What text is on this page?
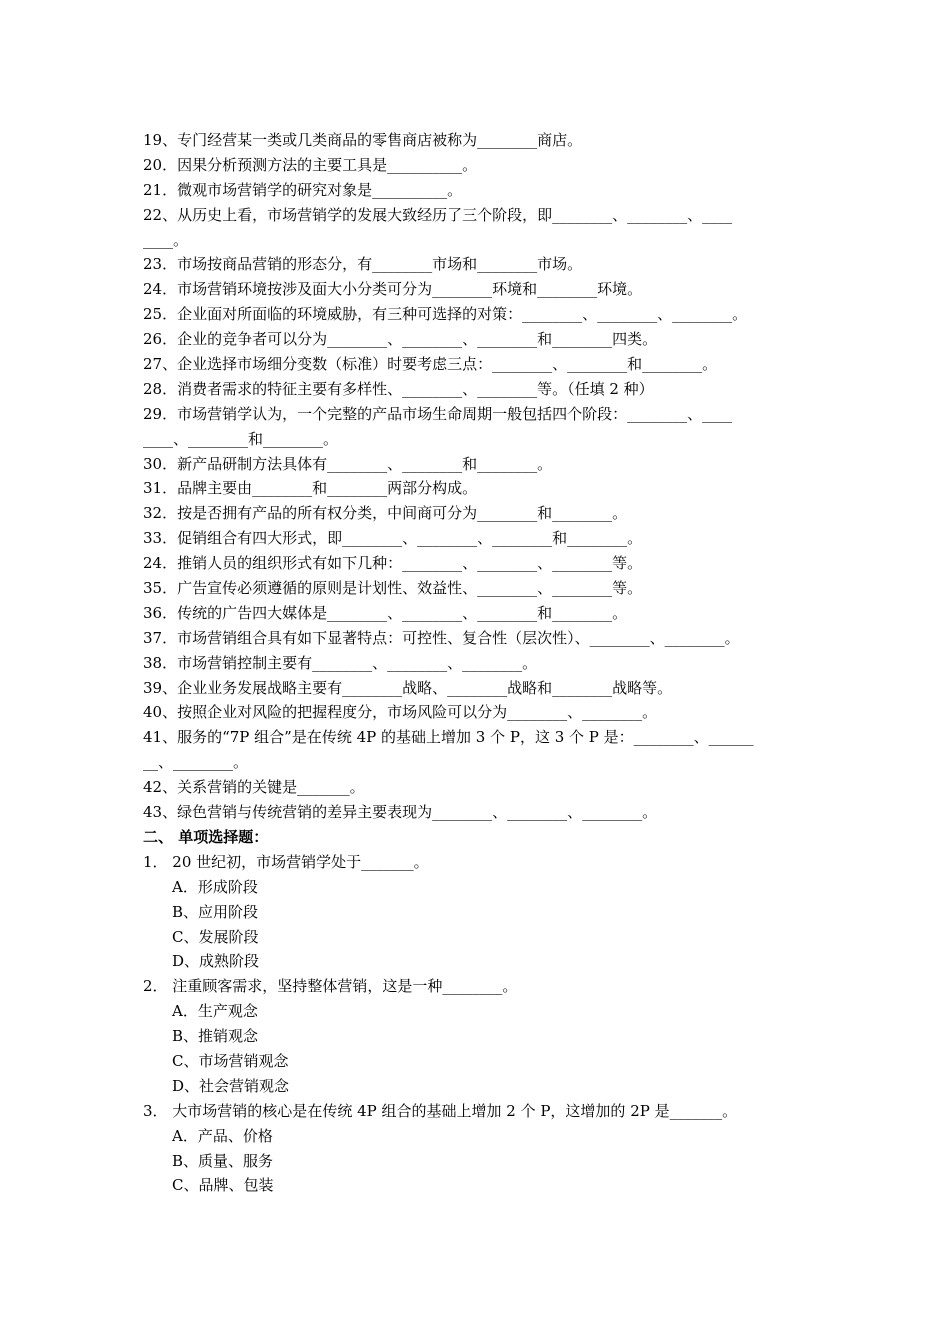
19、专门经营某一类或几类商品的零售商店被称为________商店。
20．因果分析预测方法的主要工具是__________。
21．微观市场营销学的研究对象是__________。
22、从历史上看，市场营销学的发展大致经历了三个阶段，即________、________、____
____。
23．市场按商品营销的形态分，有________市场和________市场。
24．市场营销环境按涉及面大小分类可分为________环境和________环境。
25．企业面对所面临的环境威胁，有三种可选择的对策：________、________、________。
26．企业的竞争者可以分为________、________、________和________四类。
27、企业选择市场细分变数（标准）时要考虑三点：________、________和________。
28．消费者需求的特征主要有多样性、________、________等。（任填 2 种）
29．市场营销学认为，一个完整的产品市场生命周期一般包括四个阶段：________、____
____、________和________。
30．新产品研制方法具体有________、________和________。
31．品牌主要由________和________两部分构成。
32．按是否拥有产品的所有权分类，中间商可分为________和________。
33．促销组合有四大形式，即________、________、________和________。
24．推销人员的组织形式有如下几种：________、________、________等。
35．广告宣传必须遵循的原则是计划性、效益性、________、________等。
36．传统的广告四大媒体是________、________、________和________。
37．市场营销组合具有如下显著特点：可控性、复合性（层次性）、________、________。
38．市场营销控制主要有________、________、________。
39、企业业务发展战略主要有________战略、________战略和________战略等。
40、按照企业对风险的把握程度分，市场风险可以分为________、________。
41、服务的“7P 组合”是在传统 4P 的基础上增加 3 个 P，这 3 个 P 是：________、______
__、________。
42、关系营销的关键是_______。
43、绿色营销与传统营销的差异主要表现为________、________、________。
二、 单项选择题：
1． 20 世纪初，市场营销学处于_______。
A．形成阶段
B、应用阶段
C、发展阶段
D、成熟阶段
2． 注重顾客需求，坚持整体营销，这是一种________。
A．生产观念
B、推销观念
C、市场营销观念
D、社会营销观念
3． 大市场营销的核心是在传统 4P 组合的基础上增加 2 个 P，这增加的 2P 是_______。
A．产品、价格
B、质量、服务
C、品牌、包装
